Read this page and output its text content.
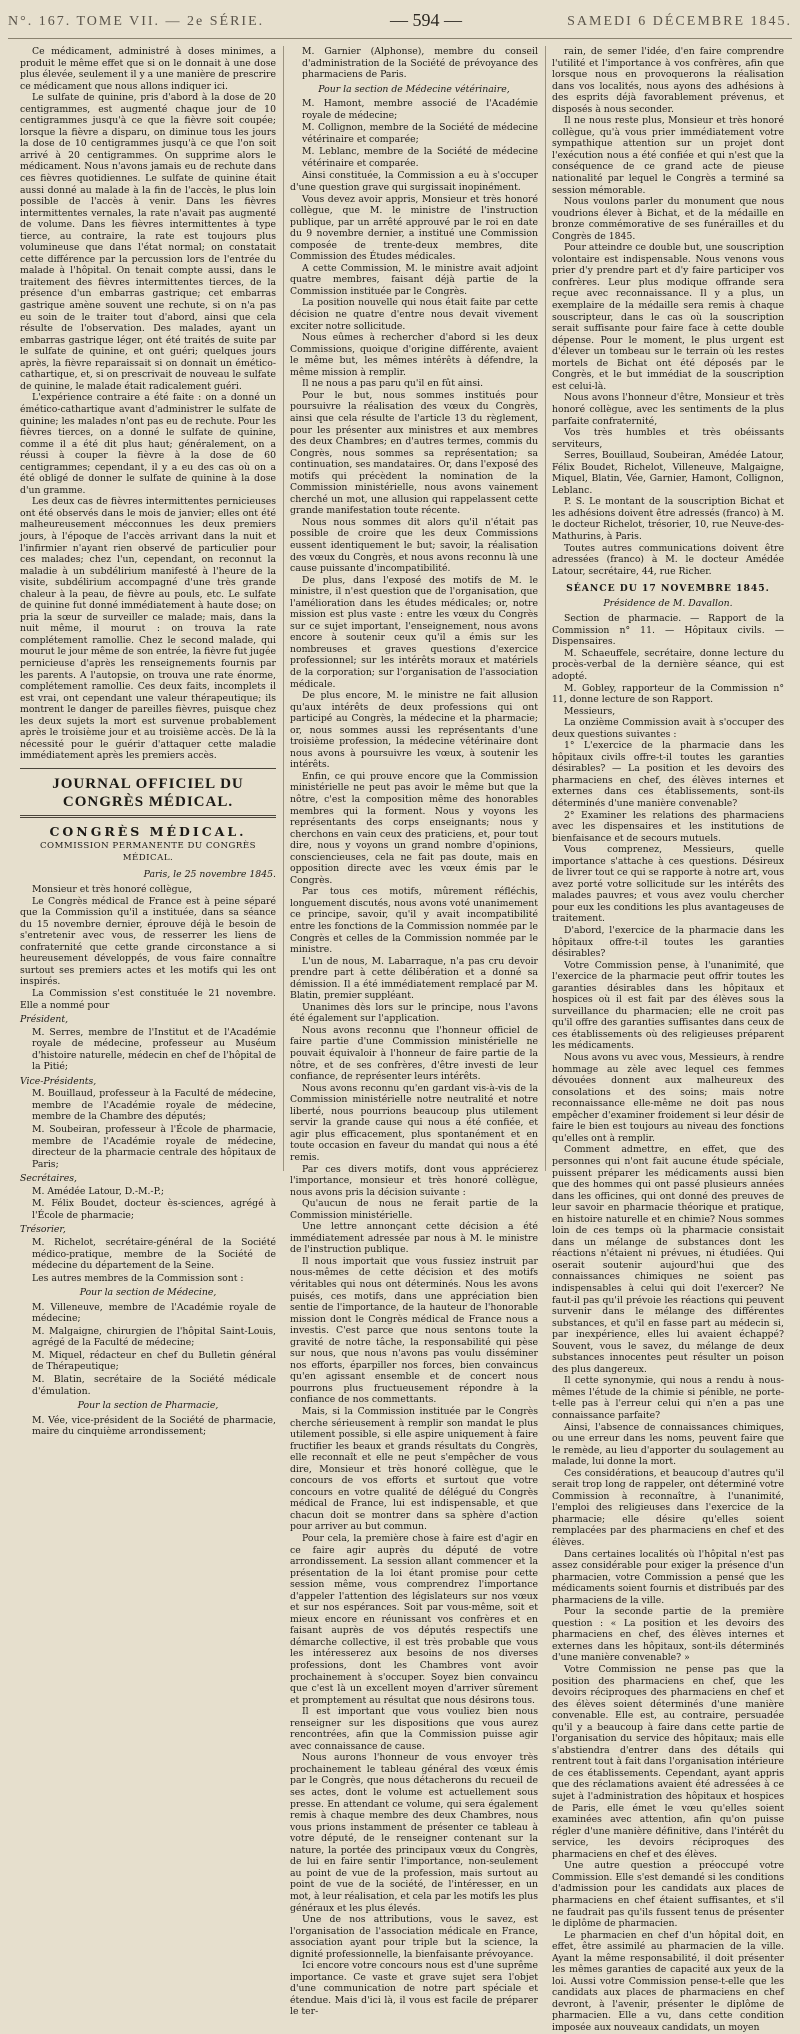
N°. 167. TOME VII. — 2e SÉRIE.	— 594 —	SAMEDI 6 DÉCEMBRE 1845.

Ce médicament, administré à doses minimes, a produit le même effet que si on le donnait à une dose plus élevée, seulement il y a une manière de prescrire ce médicament que nous allons indiquer ici.

Le sulfate de quinine, pris d'abord à la dose de 20 centigrammes, est augmenté chaque jour de 10 centigrammes jusqu'à ce que la fièvre soit coupée; lorsque la fièvre a disparu, on diminue tous les jours la dose de 10 centigrammes jusqu'à ce que l'on soit arrivé à 20 centigrammes. On supprime alors le médicament. Nous n'avons jamais eu de rechute dans ces fièvres quotidiennes. Le sulfate de quinine était aussi donné au malade à la fin de l'accès, le plus loin possible de l'accès à venir. Dans les fièvres intermittentes vernales, la rate n'avait pas augmenté de volume. Dans les fièvres intermittentes à type tierce, au contraire, la rate est toujours plus volumineuse que dans l'état normal; on constatait cette différence par la percussion lors de l'entrée du malade à l'hôpital. On tenait compte aussi, dans le traitement des fièvres intermittentes tierces, de la présence d'un embarras gastrique; cet embarras gastrique amène souvent une rechute, si on n'a pas eu soin de le traiter tout d'abord, ainsi que cela résulte de l'observation. Des malades, ayant un embarras gastrique léger, ont été traités de suite par le sulfate de quinine, et ont guéri; quelques jours après, la fièvre reparaissait si on donnait un émético-cathartique, et, si on prescrivait de nouveau le sulfate de quinine, le malade était radicalement guéri.

L'expérience contraire a été faite : on a donné un émético-cathartique avant d'administrer le sulfate de quinine; les malades n'ont pas eu de rechute. Pour les fièvres tierces, on a donné le sulfate de quinine, comme il a été dit plus haut; généralement, on a réussi à couper la fièvre à la dose de 60 centigrammes; cependant, il y a eu des cas où on a été obligé de donner le sulfate de quinine à la dose d'un gramme.

Les deux cas de fièvres intermittentes pernicieuses ont été observés dans le mois de janvier; elles ont été malheureusement mécconnues les deux premiers jours, à l'époque de l'accès arrivant dans la nuit et l'infirmier n'ayant rien observé de particulier pour ces malades; chez l'un, cependant, on reconnut la maladie à un subdélirium manifesté à l'heure de la visite, subdélirium accompagné d'une très grande chaleur à la peau, de fièvre au pouls, etc. Le sulfate de quinine fut donné immédiatement à haute dose; on pria la sœur de surveiller ce malade; mais, dans la nuit même, il mourut : on trouva la rate complétement ramollie. Chez le second malade, qui mourut le jour même de son entrée, la fièvre fut jugée pernicieuse d'après les renseignements fournis par les parents. A l'autopsie, on trouva une rate énorme, complétement ramollie. Ces deux faits, incomplets il est vrai, ont cependant une valeur thérapeutique; ils montrent le danger de pareilles fièvres, puisque chez les deux sujets la mort est survenue probablement après le troisième jour et au troisième accès. De là la nécessité pour le guérir d'attaquer cette maladie immédiatement après les premiers accès.

JOURNAL OFFICIEL DU CONGRÈS MÉDICAL.
CONGRÈS MÉDICAL.
COMMISSION PERMANENTE DU CONGRÈS MÉDICAL.
Paris, le 25 novembre 1845.

Monsieur et très honoré collègue,

Le Congrès médical de France est à peine séparé que la Commission qu'il a instituée, dans sa séance du 15 novembre dernier, éprouve déjà le besoin de s'entretenir avec vous, de resserrer les liens de confraternité que cette grande circonstance a si heureusement développés, de vous faire connaître surtout ses premiers actes et les motifs qui les ont inspirés.

La Commission s'est constituée le 21 novembre. Elle a nommé pour

Président,

M. Serres, membre de l'Institut et de l'Académie royale de médecine, professeur au Muséum d'histoire naturelle, médecin en chef de l'hôpital de la Pitié;

Vice-Présidents,

M. Bouillaud, professeur à la Faculté de médecine, membre de l'Académie royale de médecine, membre de la Chambre des députés;

M. Soubeiran, professeur à l'École de pharmacie, membre de l'Académie royale de médecine, directeur de la pharmacie centrale des hôpitaux de Paris;

Secrétaires,

M. Amédée Latour, D.-M.-P.;

M. Félix Boudet, docteur ès-sciences, agrégé à l'École de pharmacie;

Trésorier,

M. Richelot, secrétaire-général de la Société médico-pratique, membre de la Société de médecine du département de la Seine.

Les autres membres de la Commission sont :

Pour la section de Médecine,

M. Villeneuve, membre de l'Académie royale de médecine;

M. Malgaigne, chirurgien de l'hôpital Saint-Louis, agrégé de la Faculté de médecine;

M. Miquel, rédacteur en chef du Bulletin général de Thérapeutique;

M. Blatin, secrétaire de la Société médicale d'émulation.

Pour la section de Pharmacie,

M. Vée, vice-président de la Société de pharmacie, maire du cinquième arrondissement;

M. Garnier (Alphonse), membre du conseil d'administration de la Société de prévoyance des pharmaciens de Paris.

Pour la section de Médecine vétérinaire,

M. Hamont, membre associé de l'Académie royale de médecine;

M. Collignon, membre de la Société de médecine vétérinaire et comparée;

M. Leblanc, membre de la Société de médecine vétérinaire et comparée.

Ainsi constituée, la Commission a eu à s'occuper d'une question grave qui surgissait inopinément.

Vous devez avoir appris, Monsieur et très honoré collègue, que M. le ministre de l'instruction publique, par un arrêté approuvé par le roi en date du 9 novembre dernier, a institué une Commission composée de trente-deux membres, dite Commission des Études médicales.

A cette Commission, M. le ministre avait adjoint quatre membres, faisant déjà partie de la Commission instituée par le Congrès.

La position nouvelle qui nous était faite par cette décision ne quatre d'entre nous devait vivement exciter notre sollicitude.

Nous eûmes à rechercher d'abord si les deux Commissions, quoique d'origine différente, avaient le même but, les mêmes intérêts à défendre, la même mission à remplir.

Il ne nous a pas paru qu'il en fût ainsi.

Pour le but, nous sommes institués pour poursuivre la réalisation des vœux du Congrès, ainsi que cela résulte de l'article 13 du règlement, pour les présenter aux ministres et aux membres des deux Chambres; en d'autres termes, commis du Congrès, nous sommes sa représentation; sa continuation, ses mandataires. Or, dans l'exposé des motifs qui précèdent la nomination de la Commission ministérielle, nous avons vainement cherché un mot, une allusion qui rappelassent cette grande manifestation toute récente.

Nous nous sommes dit alors qu'il n'était pas possible de croire que les deux Commissions eussent identiquement le but; savoir, la réalisation des vœux du Congrès, et nous avons reconnu là une cause puissante d'incompatibilité.

De plus, dans l'exposé des motifs de M. le ministre, il n'est question que de l'organisation, que l'amélioration dans les études médicales; or, notre mission est plus vaste : entre les vœux du Congrès sur ce sujet important, l'enseignement, nous avons encore à soutenir ceux qu'il a émis sur les nombreuses et graves questions d'exercice professionnel; sur les intérêts moraux et matériels de la corporation; sur l'organisation de l'association médicale.

De plus encore, M. le ministre ne fait allusion qu'aux intérêts de deux professions qui ont participé au Congrès, la médecine et la pharmacie; or, nous sommes aussi les représentants d'une troisième profession, la médecine vétérinaire dont nous avons à poursuivre les vœux, à soutenir les intérêts.

Enfin, ce qui prouve encore que la Commission ministérielle ne peut pas avoir le même but que la nôtre, c'est la composition même des honorables membres qui la forment. Nous y voyons les représentants des corps enseignants; nous y cherchons en vain ceux des praticiens, et, pour tout dire, nous y voyons un grand nombre d'opinions, consciencieuses, cela ne fait pas doute, mais en opposition directe avec les vœux émis par le Congrès.

Par tous ces motifs, mûrement réfléchis, longuement discutés, nous avons voté unanimement ce principe, savoir, qu'il y avait incompatibilité entre les fonctions de la Commission nommée par le Congrès et celles de la Commission nommée par le ministre.

L'un de nous, M. Labarraque, n'a pas cru devoir prendre part à cette délibération et a donné sa démission. Il a été immédiatement remplacé par M. Blatin, premier suppléant.

Unanimes dès lors sur le principe, nous l'avons été également sur l'application.

Nous avons reconnu que l'honneur officiel de faire partie d'une Commission ministérielle ne pouvait équivaloir à l'honneur de faire partie de la nôtre, et de ses confrères, d'être investi de leur confiance, de représenter leurs intérêts.

Nous avons reconnu qu'en gardant vis-à-vis de la Commission ministérielle notre neutralité et notre liberté, nous pourrions beaucoup plus utilement servir la grande cause qui nous a été confiée, et agir plus efficacement, plus spontanément et en toute occasion en faveur du mandat qui nous a été remis.

Par ces divers motifs, dont vous apprécierez l'importance, monsieur et très honoré collègue, nous avons pris la décision suivante :

Qu'aucun de nous ne ferait partie de la Commission ministérielle.

Une lettre annonçant cette décision a été immédiatement adressée par nous à M. le ministre de l'instruction publique.

Il nous importait que vous fussiez instruit par nous-mêmes de cette décision et des motifs véritables qui nous ont déterminés. Nous les avons puisés, ces motifs, dans une appréciation bien sentie de l'importance, de la hauteur de l'honorable mission dont le Congrès médical de France nous a investis. C'est parce que nous sentons toute la gravité de notre tâche, la responsabilité qui pèse sur nous, que nous n'avons pas voulu disséminer nos efforts, éparpiller nos forces, bien convaincus qu'en agissant ensemble et de concert nous pourrons plus fructueusement répondre à la confiance de nos commettants.

Mais, si la Commission instituée par le Congrès cherche sérieusement à remplir son mandat le plus utilement possible, si elle aspire uniquement à faire fructifier les beaux et grands résultats du Congrès, elle reconnaît et elle ne peut s'empêcher de vous dire, Monsieur et très honoré collègue, que le concours de vos efforts et surtout que votre concours en votre qualité de délégué du Congrès médical de France, lui est indispensable, et que chacun doit se montrer dans sa sphère d'action pour arriver au but commun.

Pour cela, la première chose à faire est d'agir en ce faire agir auprès du député de votre arrondissement. La session allant commencer et la présentation de la loi étant promise pour cette session même, vous comprendrez l'importance d'appeler l'attention des législateurs sur nos vœux et sur nos espérances. Soit par vous-même, soit et mieux encore en réunissant vos confrères et en faisant auprès de vos députés respectifs une démarche collective, il est très probable que vous les intéresserez aux besoins de nos diverses professions, dont les Chambres vont avoir prochainement à s'occuper. Soyez bien convaincu que c'est là un excellent moyen d'arriver sûrement et promptement au résultat que nous désirons tous.

Il est important que vous vouliez bien nous renseigner sur les dispositions que vous aurez rencontrées, afin que la Commission puisse agir avec connaissance de cause.

Nous aurons l'honneur de vous envoyer très prochainement le tableau général des vœux émis par le Congrès, que nous détacherons du recueil de ses actes, dont le volume est actuellement sous presse. En attendant ce volume, qui sera également remis à chaque membre des deux Chambres, nous vous prions instamment de présenter ce tableau à votre député, de le renseigner contenant sur la nature, la portée des principaux vœux du Congrès, de lui en faire sentir l'importance, non-seulement au point de vue de la profession, mais surtout au point de vue de la société, de l'intéresser, en un mot, à leur réalisation, et cela par les motifs les plus généraux et les plus élevés.

Une de nos attributions, vous le savez, est l'organisation de l'association médicale en France, association ayant pour triple but la science, la dignité professionnelle, la bienfaisante prévoyance.

Ici encore votre concours nous est d'une suprême importance. Ce vaste et grave sujet sera l'objet d'une communication de notre part spéciale et étendue. Mais d'ici là, il vous est facile de préparer le ter-

rain, de semer l'idée, d'en faire comprendre l'utilité et l'importance à vos confrères, afin que lorsque nous en provoquerons la réalisation dans vos localités, nous ayons des adhésions à des esprits déjà favorablement prévenus, et disposés à nous seconder.

Il ne nous reste plus, Monsieur et très honoré collègue, qu'à vous prier immédiatement votre sympathique attention sur un projet dont l'exécution nous a été confiée et qui n'est que la conséquence de ce grand acte de pieuse nationalité par lequel le Congrès a terminé sa session mémorable.

Nous voulons parler du monument que nous voudrions élever à Bichat, et de la médaille en bronze commémorative de ses funérailles et du Congrès de 1845.

Pour atteindre ce double but, une souscription volontaire est indispensable. Nous venons vous prier d'y prendre part et d'y faire participer vos confrères. Leur plus modique offrande sera reçue avec reconnaissance. Il y a plus, un exemplaire de la médaille sera remis à chaque souscripteur, dans le cas où la souscription serait suffisante pour faire face à cette double dépense. Pour le moment, le plus urgent est d'élever un tombeau sur le terrain où les restes mortels de Bichat ont été déposés par le Congrès, et le but immédiat de la souscription est celui-là.

Nous avons l'honneur d'être, Monsieur et très honoré collègue, avec les sentiments de la plus parfaite confraternité,

Vos très humbles et très obéissants serviteurs,

Serres, Bouillaud, Soubeiran, Amédée Latour, Félix Boudet, Richelot, Villeneuve, Malgaigne, Miquel, Blatin, Vée, Garnier, Hamont, Collignon, Leblanc.

P. S. Le montant de la souscription Bichat et les adhésions doivent être adressés (franco) à M. le docteur Richelot, trésorier, 10, rue Neuve-des-Mathurins, à Paris.

Toutes autres communications doivent être adressées (franco) à M. le docteur Amédée Latour, secrétaire, 44, rue Richer.

SÉANCE DU 17 NOVEMBRE 1845.
Présidence de M. Davallon.

Section de pharmacie. — Rapport de la Commission n° 11. — Hôpitaux civils. — Dispensaires.

M. Schaeuffele, secrétaire, donne lecture du procès-verbal de la dernière séance, qui est adopté.

M. Gobley, rapporteur de la Commission n° 11, donne lecture de son Rapport.

Messieurs,

La onzième Commission avait à s'occuper des deux questions suivantes :

1° L'exercice de la pharmacie dans les hôpitaux civils offre-t-il toutes les garanties désirables? — La position et les devoirs des pharmaciens en chef, des élèves internes et externes dans ces établissements, sont-ils déterminés d'une manière convenable?

2° Examiner les relations des pharmaciens avec les dispensaires et les institutions de bienfaisance et de secours mutuels.

Vous comprenez, Messieurs, quelle importance s'attache à ces questions. Désireux de livrer tout ce qui se rapporte à notre art, vous avez porté votre sollicitude sur les intérêts des malades pauvres; et vous avez voulu chercher pour eux les conditions les plus avantageuses de traitement.

D'abord, l'exercice de la pharmacie dans les hôpitaux offre-t-il toutes les garanties désirables?

Votre Commission pense, à l'unanimité, que l'exercice de la pharmacie peut offrir toutes les garanties désirables dans les hôpitaux et hospices où il est fait par des élèves sous la surveillance du pharmacien; elle ne croit pas qu'il offre des garanties suffisantes dans ceux de ces établissements où des religieuses préparent les médicaments.

Nous avons vu avec vous, Messieurs, à rendre hommage au zèle avec lequel ces femmes dévouées donnent aux malheureux des consolations et des soins; mais notre reconnaissance elle-même ne doit pas nous empêcher d'examiner froidement si leur désir de faire le bien est toujours au niveau des fonctions qu'elles ont à remplir.

Comment admettre, en effet, que des personnes qui n'ont fait aucune étude spéciale, puissent préparer les médicaments aussi bien que des hommes qui ont passé plusieurs années dans les officines, qui ont donné des preuves de leur savoir en pharmacie théorique et pratique, en histoire naturelle et en chimie? Nous sommes loin de ces temps où la pharmacie consistait dans un mélange de substances dont les réactions n'étaient ni prévues, ni étudiées. Qui oserait soutenir aujourd'hui que des connaissances chimiques ne soient pas indispensables à celui qui doit l'exercer? Ne faut-il pas qu'il prévoie les réactions qui peuvent survenir dans le mélange des différentes substances, et qu'il en fasse part au médecin si, par inexpérience, elles lui avaient échappé? Souvent, vous le savez, du mélange de deux substances innocentes peut résulter un poison des plus dangereux.

Il cette synonymie, qui nous a rendu à nous-mêmes l'étude de la chimie si pénible, ne porte-t-elle pas à l'erreur celui qui n'en a pas une connaissance parfaite?

Ainsi, l'absence de connaissances chimiques, ou une erreur dans les noms, peuvent faire que le remède, au lieu d'apporter du soulagement au malade, lui donne la mort.

Ces considérations, et beaucoup d'autres qu'il serait trop long de rappeler, ont déterminé votre Commission à reconnaître, à l'unanimité, l'emploi des religieuses dans l'exercice de la pharmacie; elle désire qu'elles soient remplacées par des pharmaciens en chef et des élèves.

Dans certaines localités où l'hôpital n'est pas assez considérable pour exiger la présence d'un pharmacien, votre Commission a pensé que les médicaments soient fournis et distribués par des pharmaciens de la ville.

Pour la seconde partie de la première question : « La position et les devoirs des pharmaciens en chef, des élèves internes et externes dans les hôpitaux, sont-ils déterminés d'une manière convenable? »

Votre Commission ne pense pas que la position des pharmaciens en chef, que les devoirs réciproques des pharmaciens en chef et des élèves soient déterminés d'une manière convenable. Elle est, au contraire, persuadée qu'il y a beaucoup à faire dans cette partie de l'organisation du service des hôpitaux; mais elle s'abstiendra d'entrer dans des détails qui rentrent tout à fait dans l'organisation intérieure de ces établissements. Cependant, ayant appris que des réclamations avaient été adressées à ce sujet à l'administration des hôpitaux et hospices de Paris, elle émet le vœu qu'elles soient examinées avec attention, afin qu'on puisse régler d'une manière définitive, dans l'intérêt du service, les devoirs réciproques des pharmaciens en chef et des élèves.

Une autre question a préoccupé votre Commission. Elle s'est demandé si les conditions d'admission pour les candidats aux places de pharmaciens en chef étaient suffisantes, et s'il ne faudrait pas qu'ils fussent tenus de présenter le diplôme de pharmacien.

Le pharmacien en chef d'un hôpital doit, en effet, être assimilé au pharmacien de la ville. Ayant la même responsabilité, il doit présenter les mêmes garanties de capacité aux yeux de la loi. Aussi votre Commission pense-t-elle que les candidats aux places de pharmaciens en chef devront, à l'avenir, présenter le diplôme de pharmacien. Elle a vu, dans cette condition imposée aux nouveaux candidats, un moyen
